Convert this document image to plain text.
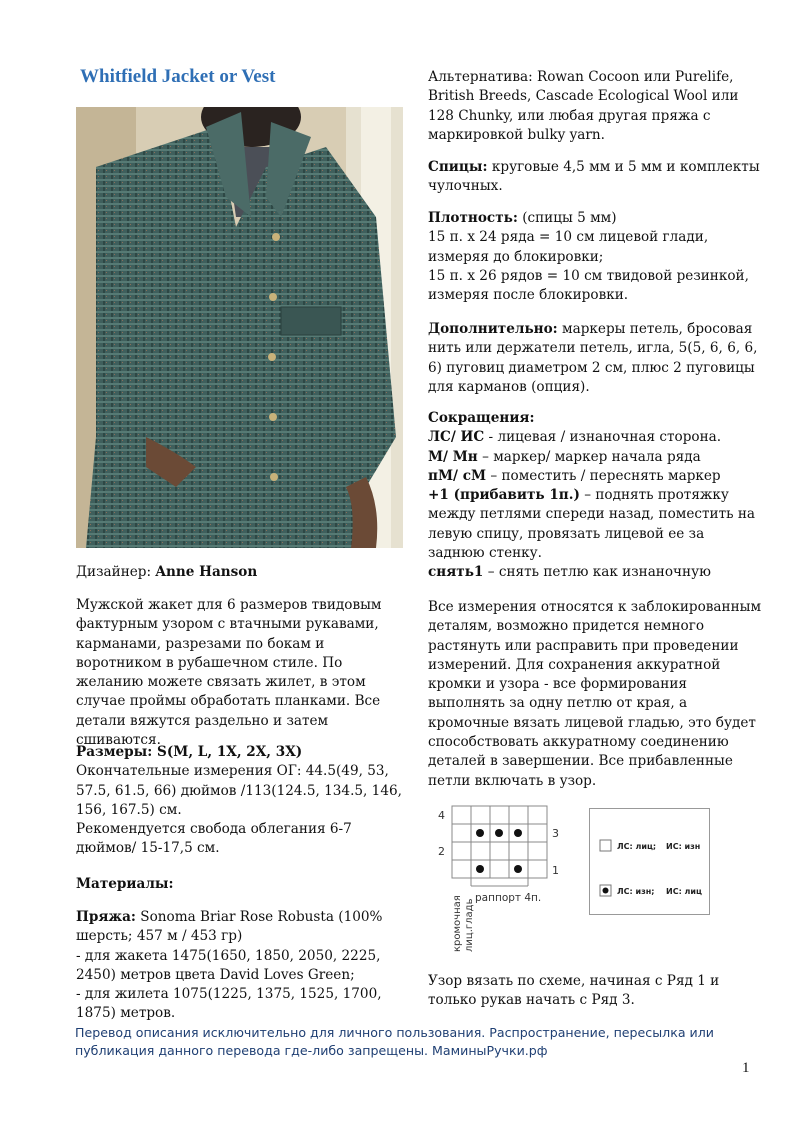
Whitfield Jacket or Vest
Дизайнер: Anne Hanson
Мужской жакет для 6 размеров твидовым фактурным узором с втачными рукавами, карманами, разрезами по бокам и воротником в рубашечном стиле. По желанию можете связать жилет, в этом случае проймы обработать планками. Все детали вяжутся раздельно и затем сшиваются.
Размеры: S(M, L, 1X, 2X, 3X)
Окончательные измерения ОГ: 44.5(49, 53, 57.5, 61.5, 66) дюймов /113(124.5, 134.5, 146, 156, 167.5) см.
Рекомендуется свобода облегания 6-7 дюймов/ 15-17,5 см.
Материалы:
Пряжа: Sonoma Briar Rose Robusta (100% шерсть; 457 м / 453 гр)
- для жакета 1475(1650, 1850, 2050, 2225, 2450) метров цвета David Loves Green;
- для жилета 1075(1225, 1375, 1525, 1700, 1875) метров.
Альтернатива: Rowan Cocoon или Purelife, British Breeds, Cascade Ecological Wool или 128 Chunky, или любая другая пряжа с маркировкой bulky yarn.
Спицы: круговые 4,5 мм и 5 мм и комплекты чулочных.
Плотность: (спицы 5 мм)
15 п. x 24 ряда = 10 см лицевой глади, измеряя до блокировки;
15 п. x 26 рядов = 10 см твидовой резинкой, измеряя после блокировки.
Дополнительно: маркеры петель, бросовая нить или держатели петель, игла, 5(5, 6, 6, 6, 6) пуговиц диаметром 2 см, плюс 2 пуговицы для карманов (опция).
Сокращения:
ЛС/ ИС - лицевая / изнаночная сторона.
М/ Мн – маркер/ маркер начала ряда
пМ/ сМ – поместить / переснять маркер
+1 (прибавить 1п.) – поднять протяжку между петлями спереди назад, поместить на левую спицу, провязать лицевой ее за заднюю стенку.
снять1 – снять петлю как изнаночную
Все измерения относятся к заблокированным деталям, возможно придется немного растянуть или расправить при проведении измерений. Для сохранения аккуратной кромки и узора - все формирования выполнять за одну петлю от края, а кромочные вязать лицевой гладью, это будет способствовать аккуратному соединению деталей в завершении. Все прибавленные петли включать в узор.
4
2
3
1
раппорт 4п.
кромочная лиц.гладь
ЛС: лиц; ИС: изн
ЛС: изн; ИС: лиц
Узор вязать по схеме, начиная с Ряд 1 и только рукав начать с Ряд 3.
Перевод описания исключительно для личного пользования. Распространение, пересылка или публикация данного перевода где-либо запрещены. МаминыРучки.рф
1
